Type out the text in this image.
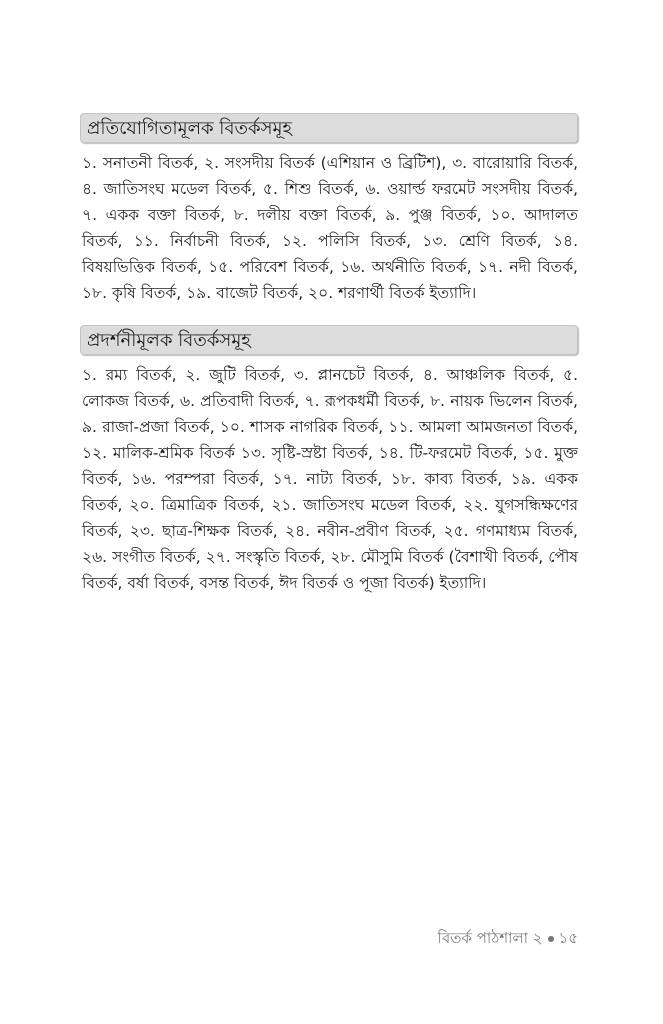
প্রতিযোগিতামূলক বিতর্কসমূহ
১. সনাতনী বিতর্ক, ২. সংসদীয় বিতর্ক (এশিয়ান ও ব্রিটিশ), ৩. বারোয়ারি বিতর্ক, ৪. জাতিসংঘ মডেল বিতর্ক, ৫. শিশু বিতর্ক, ৬. ওয়ার্ল্ড ফরমেট সংসদীয় বিতর্ক, ৭. একক বক্তা বিতর্ক, ৮. দলীয় বক্তা বিতর্ক, ৯. পুঞ্জ বিতর্ক, ১০. আদালত বিতর্ক, ১১. নির্বাচনী বিতর্ক, ১২. পলিসি বিতর্ক, ১৩. শ্রেণি বিতর্ক, ১৪. বিষয়ভিত্তিক বিতর্ক, ১৫. পরিবেশ বিতর্ক, ১৬. অর্থনীতি বিতর্ক, ১৭. নদী বিতর্ক, ১৮. কৃষি বিতর্ক, ১৯. বাজেট বিতর্ক, ২০. শরণার্থী বিতর্ক ইত্যাদি।
প্রদর্শনীমূলক বিতর্কসমূহ
১. রম্য বিতর্ক, ২. জুটি বিতর্ক, ৩. প্লানচেট বিতর্ক, ৪. আঞ্চলিক বিতর্ক, ৫. লোকজ বিতর্ক, ৬. প্রতিবাদী বিতর্ক, ৭. রূপকধর্মী বিতর্ক, ৮. নায়ক ভিলেন বিতর্ক, ৯. রাজা-প্রজা বিতর্ক, ১০. শাসক নাগরিক বিতর্ক, ১১. আমলা আমজনতা বিতর্ক, ১২. মালিক-শ্রমিক বিতর্ক ১৩. সৃষ্টি-স্রষ্টা বিতর্ক, ১৪. টি-ফরমেট বিতর্ক, ১৫. মুক্ত বিতর্ক, ১৬. পরম্পরা বিতর্ক, ১৭. নাট্য বিতর্ক, ১৮. কাব্য বিতর্ক, ১৯. একক বিতর্ক, ২০. ত্রিমাত্রিক বিতর্ক, ২১. জাতিসংঘ মডেল বিতর্ক, ২২. যুগসন্ধিক্ষণের বিতর্ক, ২৩. ছাত্র-শিক্ষক বিতর্ক, ২৪. নবীন-প্রবীণ বিতর্ক, ২৫. গণমাধ্যম বিতর্ক, ২৬. সংগীত বিতর্ক, ২৭. সংস্কৃতি বিতর্ক, ২৮. মৌসুমি বিতর্ক (বৈশাখী বিতর্ক, পৌষ বিতর্ক, বর্ষা বিতর্ক, বসন্ত বিতর্ক, ঈদ বিতর্ক ও পূজা বিতর্ক) ইত্যাদি।
বিতর্ক পাঠশালা ২ ১৫
